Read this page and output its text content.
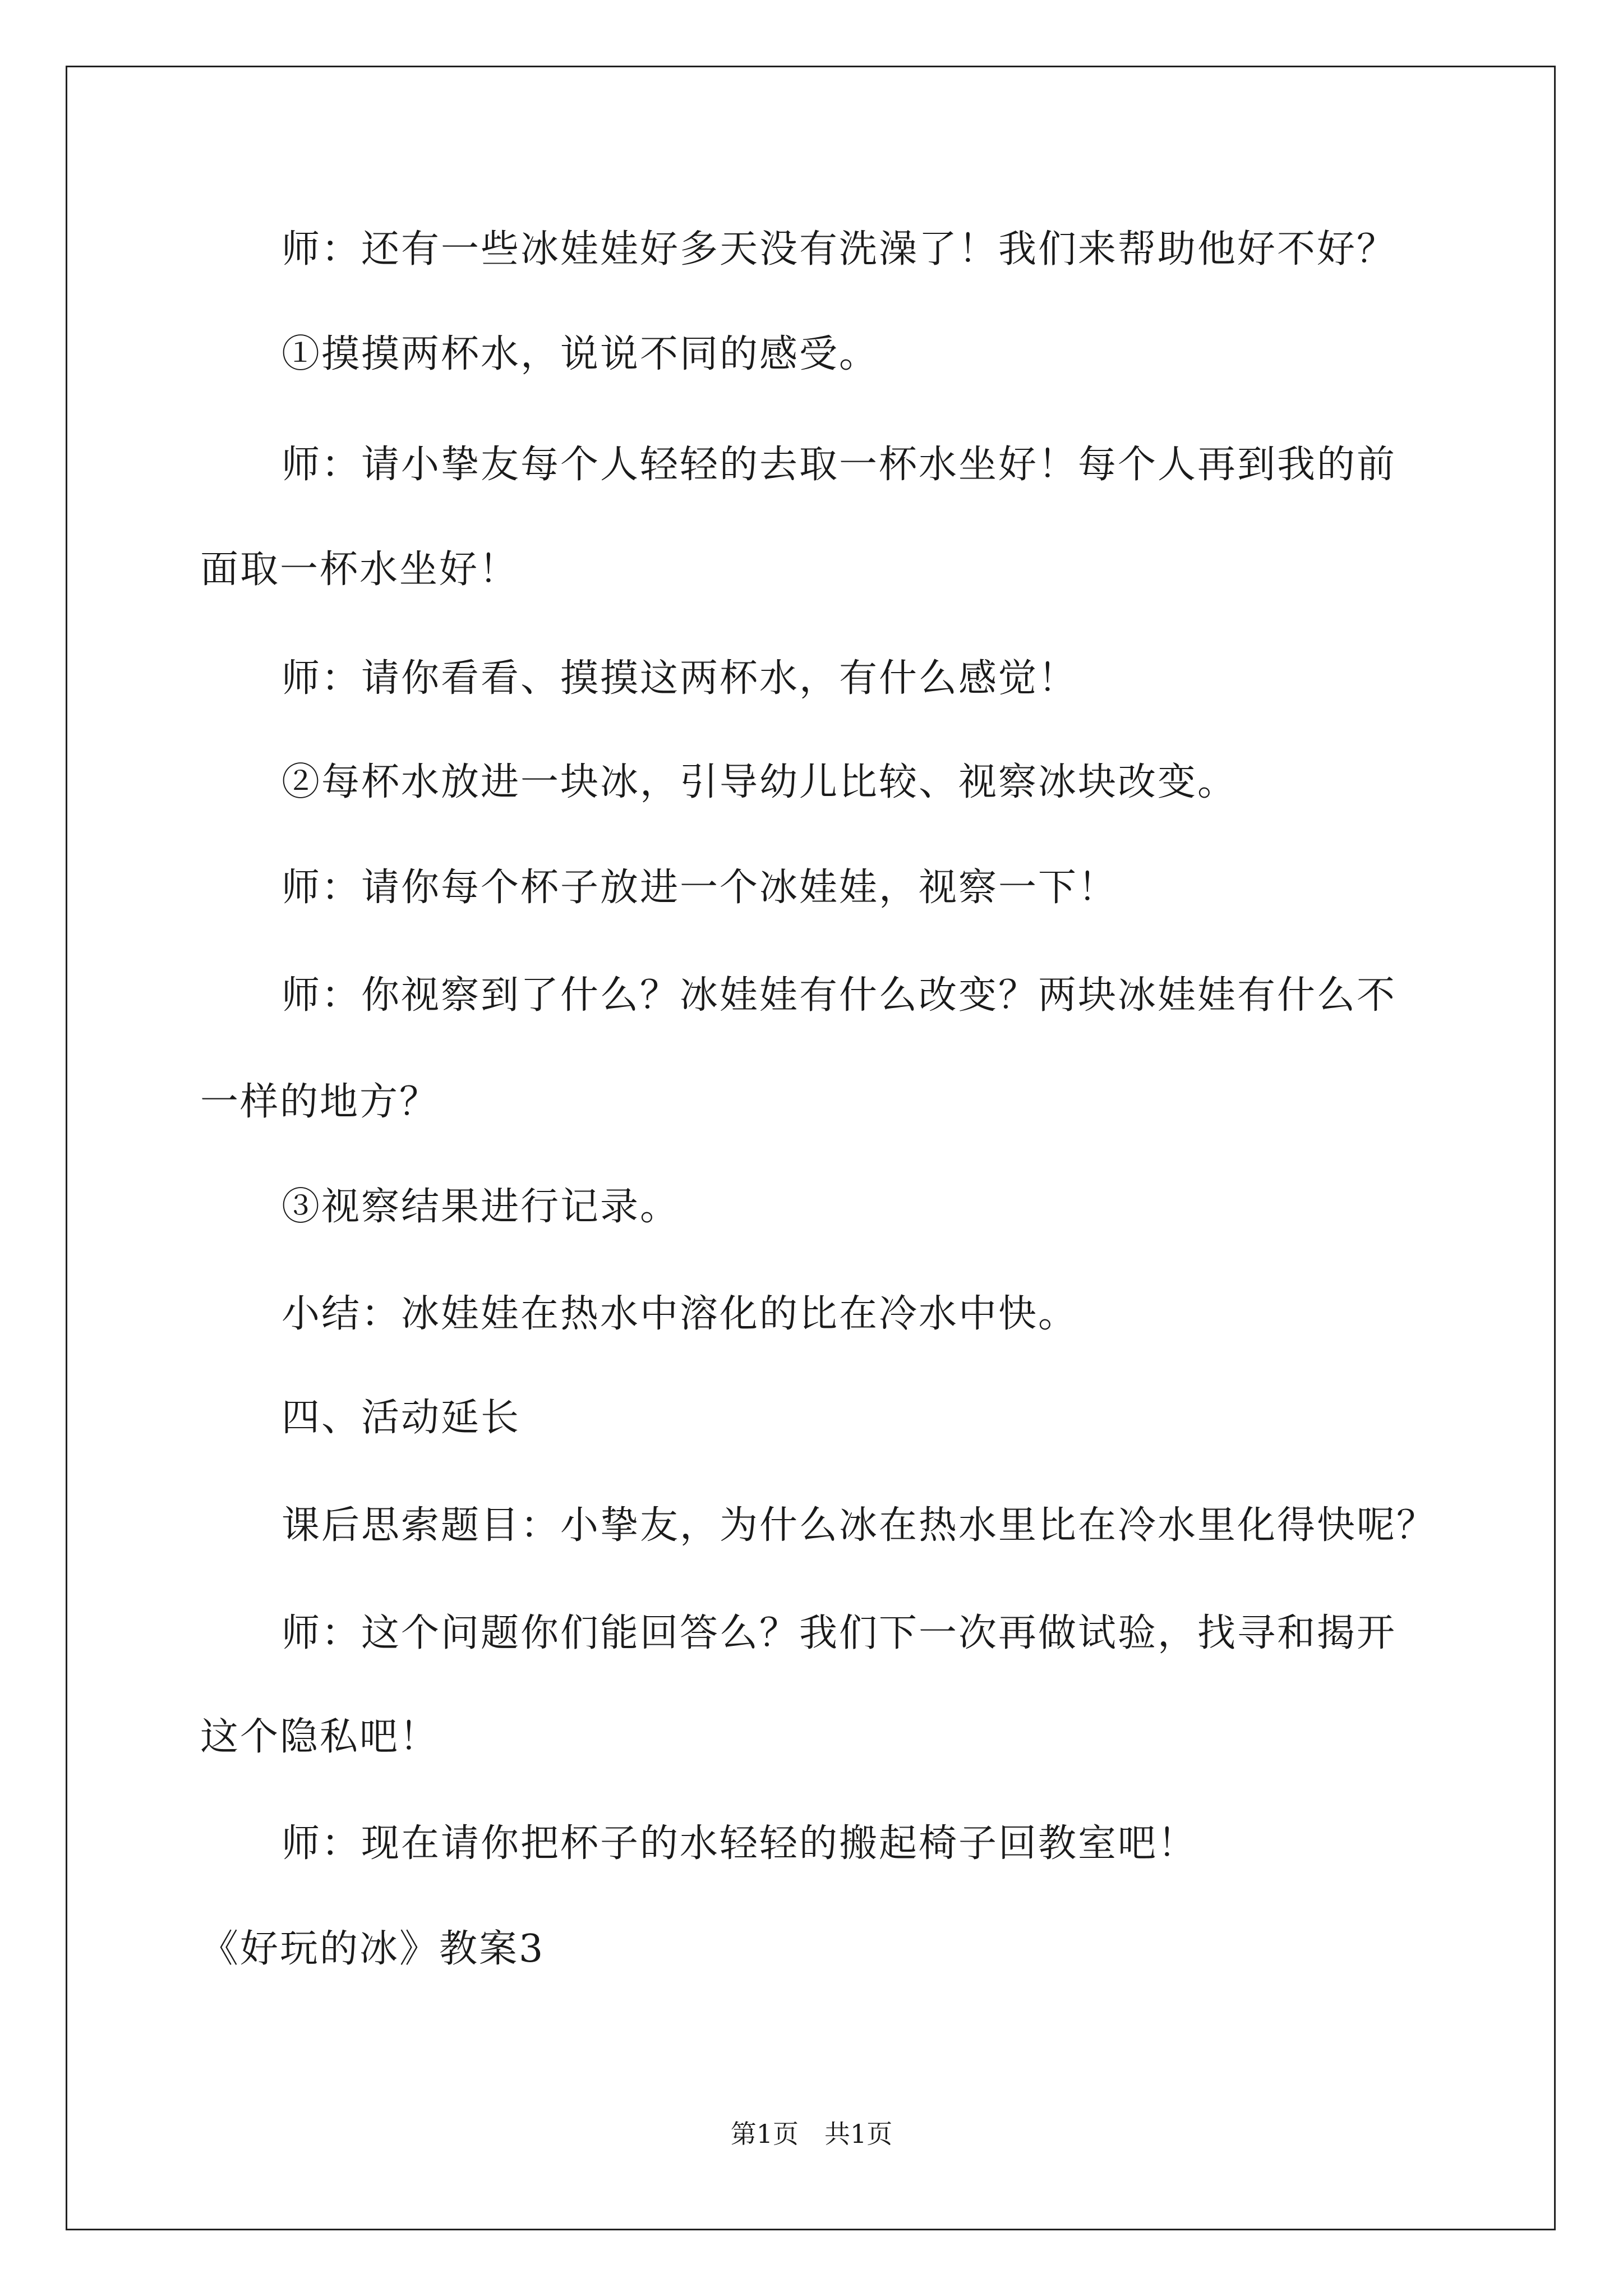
师：还有一些冰娃娃好多天没有洗澡了！我们来帮助他好不好？
①摸摸两杯水，说说不同的感受。
师：请小挚友每个人轻轻的去取一杯水坐好！每个人再到我的前
面取一杯水坐好！
师：请你看看、摸摸这两杯水，有什么感觉！
②每杯水放进一块冰，引导幼儿比较、视察冰块改变。
师：请你每个杯子放进一个冰娃娃，视察一下！
师：你视察到了什么？冰娃娃有什么改变？两块冰娃娃有什么不
一样的地方？
③视察结果进行记录。
小结：冰娃娃在热水中溶化的比在冷水中快。
四、活动延长
课后思索题目：小挚友，为什么冰在热水里比在冷水里化得快呢？
师：这个问题你们能回答么？我们下一次再做试验，找寻和揭开
这个隐私吧！
师：现在请你把杯子的水轻轻的搬起椅子回教室吧！
《好玩的冰》教案3
第1页　共1页
